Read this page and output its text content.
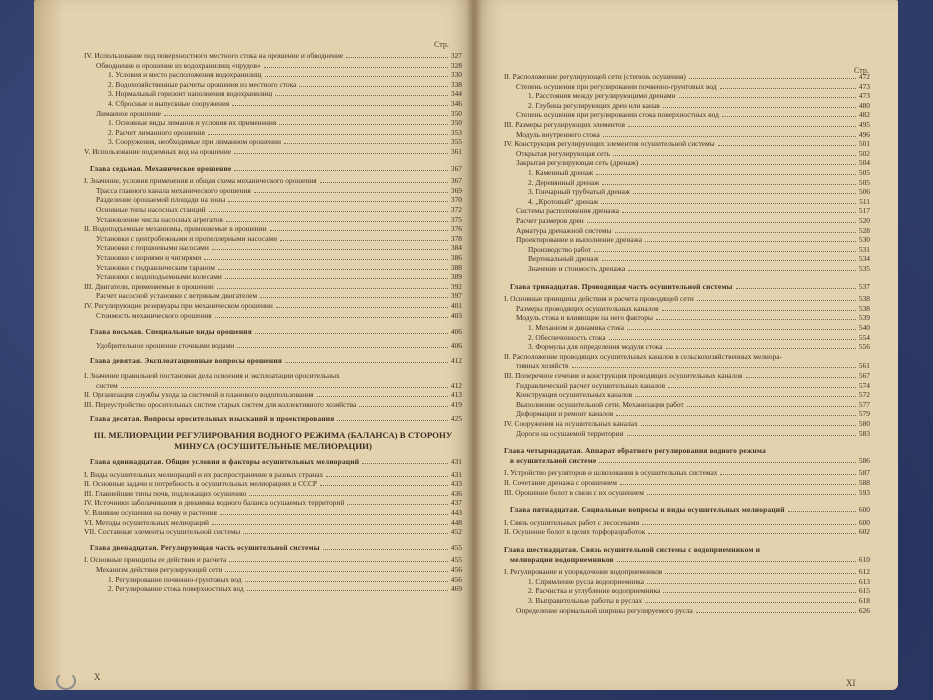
Стр.
IV. Использование под поверхностного местного стока на орошение и обводнение	327
Обводнение и орошение из водохранилищ «прудов»	328
1. Условия и место расположения водохранилищ	330
2. Водохозяйственные расчеты орошения из местного стока	338
3. Нормальный горизонт наполнения водохранилищ	344
4. Сбросные и выпускные сооружения	346
Лиманное орошение	350
1. Основные виды лиманов и условия их применения	350
2. Расчет лиманного орошения	353
3. Сооружения, необходимые при лиманном орошении	355
V. Использование подземных вод на орошение	361
Глава седьмая. Механическое орошение	367
I. Значение, условия применения и общая схема механического орошения	367
Трасса главного канала механического орошения	369
Разделение орошаемой площади на зоны	370
Основные типы насосных станций	372
Установление числа насосных агрегатов	375
II. Водоподъемные механизмы, применяемые в орошении	376
Установки с центробежными и пропеллерными насосами	378
Установки с поршневыми насосами	384
Установки с нориями и чигирями	386
Установки с гидравлическим тараном	388
Установки с водоподъемными колесами	389
III. Двигатели, применяемые в орошении	392
Расчет насосной установки с ветряным двигателем	397
IV. Регулирующие резервуары при механическом орошении	401
Стоимость механического орошения	403
Глава восьмая. Специальные виды орошения	406
Удобрительное орошение сточными водами	406
Глава девятая. Эксплоатационные вопросы орошения	412
I. Значение правильной постановки дела освоения и эксплоатации оросительных
систем	412
II. Организация службы ухода за системой и планового водопользования	413
III. Переустройство оросительных систем старых систем для коллективного хозяйства	419
Глава десятая. Вопросы оросительных изысканий и проектирования	425
III. МЕЛИОРАЦИИ РЕГУЛИРОВАНИЯ ВОДНОГО РЕЖИМА (БАЛАНСА) В СТОРОНУ
МИНУСА (ОСУШИТЕЛЬНЫЕ МЕЛИОРАЦИИ)
Глава одиннадцатая. Общие условия и факторы осушительных мелиораций	431
I. Виды осушительных мелиораций и их распространение в разных странах	431
II. Основные задачи и потребность в осушительных мелиорациях в СССР	433
III. Главнейшие типы почв, подлежащих осушению	436
IV. Источники заболачивания и динамика водного баланса осушаемых территорий	437
V. Влияние осушения на почву и растения	443
VI. Методы осушительных мелиораций	448
VII. Составные элементы осушительной системы	452
Глава двенадцатая. Регулирующая часть осушительной системы	455
I. Основные принципы ее действия и расчета	455
Механизм действия регулирующей сети	456
1. Регулирование почвенно-грунтовых вод	456
2. Регулирование стока поверхностных вод	469
X
Стр.
II. Расположение регулирующей сети (степень осушения)	472
Степень осушения при регулировании почвенно-грунтовых вод	473
1. Расстояния между регулирующими дренами	473
2. Глубина регулирующих дрен или канав	480
Степень осушения при регулировании стока поверхностных вод	482
III. Размеры регулирующих элементов	495
Модуль внутреннего стока	496
IV. Конструкция регулирующих элементов осушительной системы	501
Открытая регулирующая сеть	502
Закрытая регулирующая сеть (дренаж)	504
1. Каменный дренаж	505
2. Деревянный дренаж	505
3. Гончарный трубчатый дренаж	506
4. „Кротовый“ дренаж	511
Системы расположения дренажа	517
Расчет размеров дрен	520
Арматура дренажной системы	528
Проектирование и выполнение дренажа	530
Производство работ	531
Вертикальный дренаж	534
Значение и стоимость дренажа	535
Глава тринадцатая. Проводящая часть осушительной системы	537
I. Основные принципы действия и расчета проводящей сети	538
Размеры проводящих осушительных каналов	538
Модуль стока и влияющие на него факторы	539
1. Механизм и динамика стока	540
2. Обеспеченность стока	554
3. Формулы для определения модуля стока	556
II. Расположение проводящих осушительных каналов в сельскохозяйственных мелиора-
тивных хозяйств	561
III. Поперечное сечение и конструкция проводящих осушительных каналов	567
Гидравлический расчет осушительных каналов	574
Конструкция осушительных каналов	572
Выполнение осушительной сети. Механизация работ	577
Деформации и ремонт каналов	579
IV. Сооружения на осушительных каналах	580
Дороги на осушаемой территории	583
Глава четырнадцатая. Аппарат обратного регулирования водного режима
в осушительной системе	586
I. Устройство регуляторов и шлюзования в осушительных системах	587
II. Сочетание дренажа с орошением	588
III. Орошение болот в связи с их осушением	593
Глава пятнадцатая. Социальные вопросы и виды осушительных мелиораций	600
I. Связь осушительных работ с лесосеками	600
II. Осушение болот в целях торфоразработок	602
Глава шестнадцатая. Связь осушительной системы с водоприемником и
мелиорации водоприемников	610
I. Регулирование и упорядочение водоприемников	612
1. Спрямление русла водоприемника	613
2. Расчистка и углубление водоприемника	615
3. Выправительные работы в руслах	618
Определение нормальной ширины регулируемого русла	626
XI
